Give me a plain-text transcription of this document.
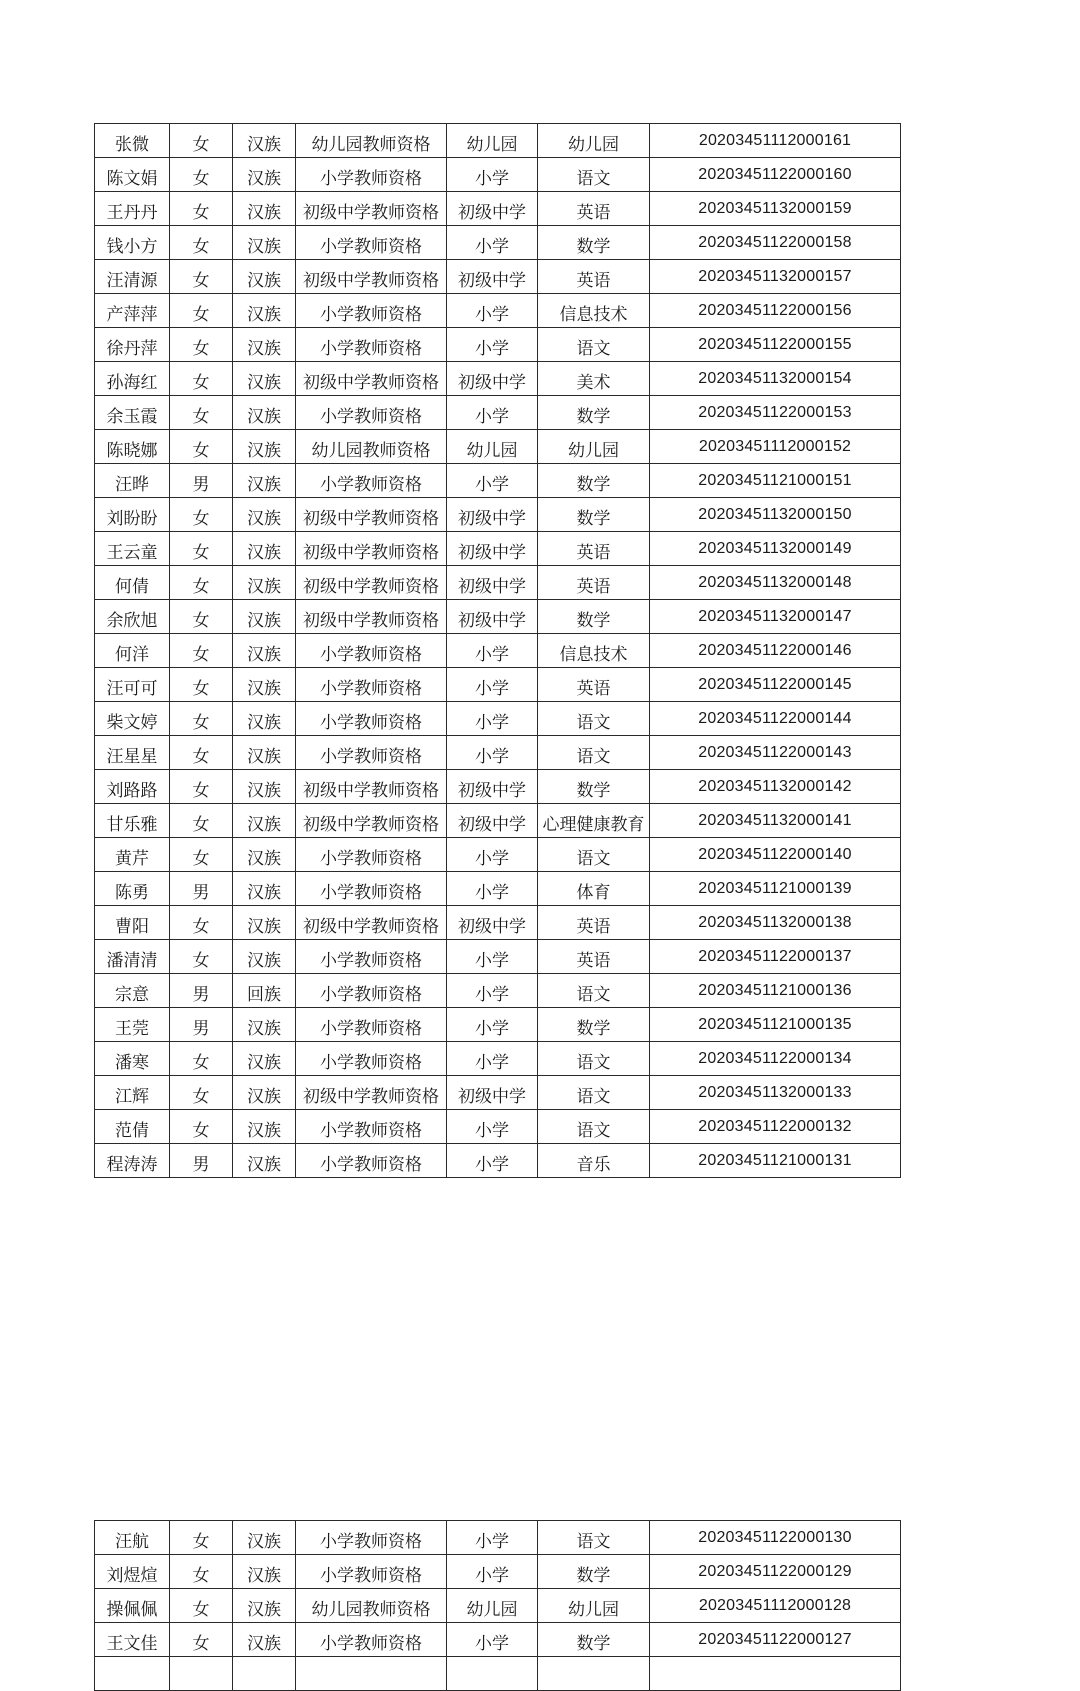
张微	女	汉族	幼儿园教师资格	幼儿园	幼儿园	20203451112000161
陈文娟	女	汉族	小学教师资格	小学	语文	20203451122000160
王丹丹	女	汉族	初级中学教师资格	初级中学	英语	20203451132000159
钱小方	女	汉族	小学教师资格	小学	数学	20203451122000158
汪清源	女	汉族	初级中学教师资格	初级中学	英语	20203451132000157
产萍萍	女	汉族	小学教师资格	小学	信息技术	20203451122000156
徐丹萍	女	汉族	小学教师资格	小学	语文	20203451122000155
孙海红	女	汉族	初级中学教师资格	初级中学	美术	20203451132000154
余玉霞	女	汉族	小学教师资格	小学	数学	20203451122000153
陈晓娜	女	汉族	幼儿园教师资格	幼儿园	幼儿园	20203451112000152
汪晔	男	汉族	小学教师资格	小学	数学	20203451121000151
刘盼盼	女	汉族	初级中学教师资格	初级中学	数学	20203451132000150
王云童	女	汉族	初级中学教师资格	初级中学	英语	20203451132000149
何倩	女	汉族	初级中学教师资格	初级中学	英语	20203451132000148
余欣旭	女	汉族	初级中学教师资格	初级中学	数学	20203451132000147
何洋	女	汉族	小学教师资格	小学	信息技术	20203451122000146
汪可可	女	汉族	小学教师资格	小学	英语	20203451122000145
柴文婷	女	汉族	小学教师资格	小学	语文	20203451122000144
汪星星	女	汉族	小学教师资格	小学	语文	20203451122000143
刘路路	女	汉族	初级中学教师资格	初级中学	数学	20203451132000142
甘乐雅	女	汉族	初级中学教师资格	初级中学	心理健康教育	20203451132000141
黄芹	女	汉族	小学教师资格	小学	语文	20203451122000140
陈勇	男	汉族	小学教师资格	小学	体育	20203451121000139
曹阳	女	汉族	初级中学教师资格	初级中学	英语	20203451132000138
潘清清	女	汉族	小学教师资格	小学	英语	20203451122000137
宗意	男	回族	小学教师资格	小学	语文	20203451121000136
王莞	男	汉族	小学教师资格	小学	数学	20203451121000135
潘寒	女	汉族	小学教师资格	小学	语文	20203451122000134
江辉	女	汉族	初级中学教师资格	初级中学	语文	20203451132000133
范倩	女	汉族	小学教师资格	小学	语文	20203451122000132
程涛涛	男	汉族	小学教师资格	小学	音乐	20203451121000131
汪航	女	汉族	小学教师资格	小学	语文	20203451122000130
刘煜煊	女	汉族	小学教师资格	小学	数学	20203451122000129
操佩佩	女	汉族	幼儿园教师资格	幼儿园	幼儿园	20203451112000128
王文佳	女	汉族	小学教师资格	小学	数学	20203451122000127
